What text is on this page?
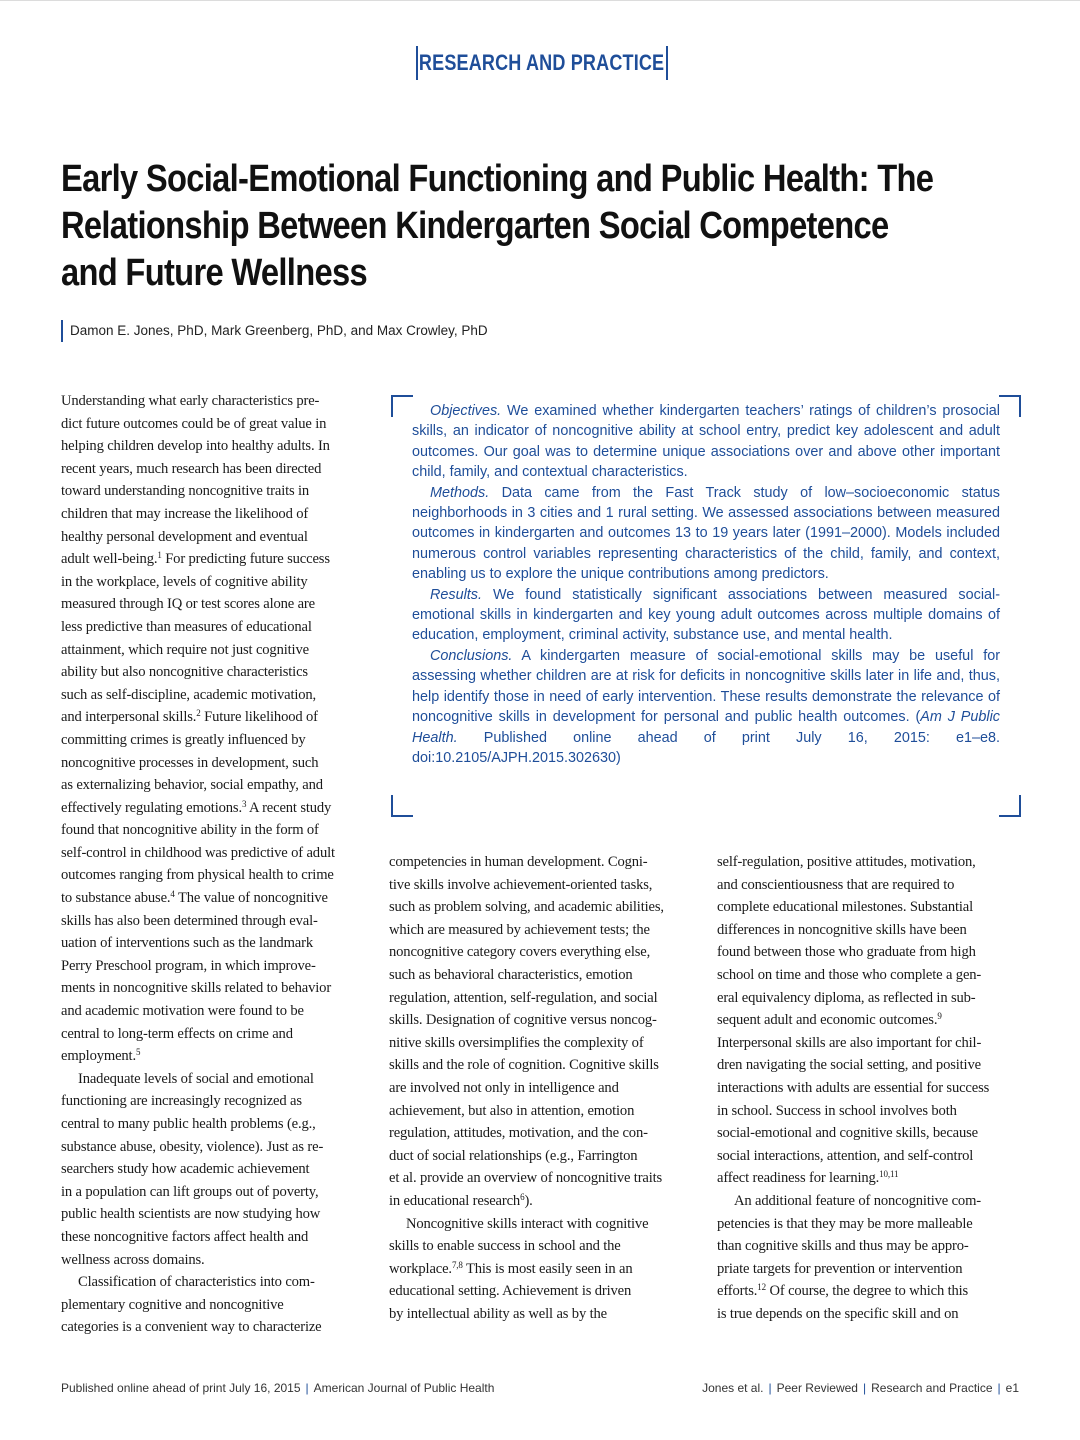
RESEARCH AND PRACTICE
Early Social-Emotional Functioning and Public Health: The
Relationship Between Kindergarten Social Competence
and Future Wellness
Damon E. Jones, PhD, Mark Greenberg, PhD, and Max Crowley, PhD
Understanding what early characteristics pre-
dict future outcomes could be of great value in
helping children develop into healthy adults. In
recent years, much research has been directed
toward understanding noncognitive traits in
children that may increase the likelihood of
healthy personal development and eventual
adult well-being.$^1$ For predicting future success
in the workplace, levels of cognitive ability
measured through IQ or test scores alone are
less predictive than measures of educational
attainment, which require not just cognitive
ability but also noncognitive characteristics
such as self-discipline, academic motivation,
and interpersonal skills.$^2$ Future likelihood of
committing crimes is greatly influenced by
noncognitive processes in development, such
as externalizing behavior, social empathy, and
effectively regulating emotions.$^3$ A recent study
found that noncognitive ability in the form of
self-control in childhood was predictive of adult
outcomes ranging from physical health to crime
to substance abuse.$^4$ The value of noncognitive
skills has also been determined through eval-
uation of interventions such as the landmark
Perry Preschool program, in which improve-
ments in noncognitive skills related to behavior
and academic motivation were found to be
central to long-term effects on crime and
employment.$^5$
Inadequate levels of social and emotional
functioning are increasingly recognized as
central to many public health problems (e.g.,
substance abuse, obesity, violence). Just as re-
searchers study how academic achievement
in a population can lift groups out of poverty,
public health scientists are now studying how
these noncognitive factors affect health and
wellness across domains.
Classification of characteristics into com-
plementary cognitive and noncognitive
categories is a convenient way to characterize

Objectives. We examined whether kindergarten teachers’ ratings of children’s prosocial skills, an indicator of noncognitive ability at school entry, predict key adolescent and adult outcomes. Our goal was to determine unique associations over and above other important child, family, and contextual characteristics.

Methods. Data came from the Fast Track study of low–socioeconomic status neighborhoods in 3 cities and 1 rural setting. We assessed associations between measured outcomes in kindergarten and outcomes 13 to 19 years later (1991–2000). Models included numerous control variables representing characteristics of the child, family, and context, enabling us to explore the unique contributions among predictors.

Results. We found statistically significant associations between measured social-emotional skills in kindergarten and key young adult outcomes across multiple domains of education, employment, criminal activity, substance use, and mental health.

Conclusions. A kindergarten measure of social-emotional skills may be useful for assessing whether children are at risk for deficits in noncognitive skills later in life and, thus, help identify those in need of early intervention. These results demonstrate the relevance of noncognitive skills in development for personal and public health outcomes. (Am J Public Health. Published online ahead of print July 16, 2015: e1–e8. doi:10.2105/AJPH.2015.302630)

competencies in human development. Cogni-
tive skills involve achievement-oriented tasks,
such as problem solving, and academic abilities,
which are measured by achievement tests; the
noncognitive category covers everything else,
such as behavioral characteristics, emotion
regulation, attention, self-regulation, and social
skills. Designation of cognitive versus noncog-
nitive skills oversimplifies the complexity of
skills and the role of cognition. Cognitive skills
are involved not only in intelligence and
achievement, but also in attention, emotion
regulation, attitudes, motivation, and the con-
duct of social relationships (e.g., Farrington
et al. provide an overview of noncognitive traits
in educational research$^6$).
Noncognitive skills interact with cognitive
skills to enable success in school and the
workplace.$^{7,8}$ This is most easily seen in an
educational setting. Achievement is driven
by intellectual ability as well as by the
self-regulation, positive attitudes, motivation,
and conscientiousness that are required to
complete educational milestones. Substantial
differences in noncognitive skills have been
found between those who graduate from high
school on time and those who complete a gen-
eral equivalency diploma, as reflected in sub-
sequent adult and economic outcomes.$^9$
Interpersonal skills are also important for chil-
dren navigating the social setting, and positive
interactions with adults are essential for success
in school. Success in school involves both
social-emotional and cognitive skills, because
social interactions, attention, and self-control
affect readiness for learning.$^{10,11}$
An additional feature of noncognitive com-
petencies is that they may be more malleable
than cognitive skills and thus may be appro-
priate targets for prevention or intervention
efforts.$^{12}$ Of course, the degree to which this
is true depends on the specific skill and on
Published online ahead of print July 16, 2015 | American Journal of Public Health	Jones et al. | Peer Reviewed | Research and Practice | e1
